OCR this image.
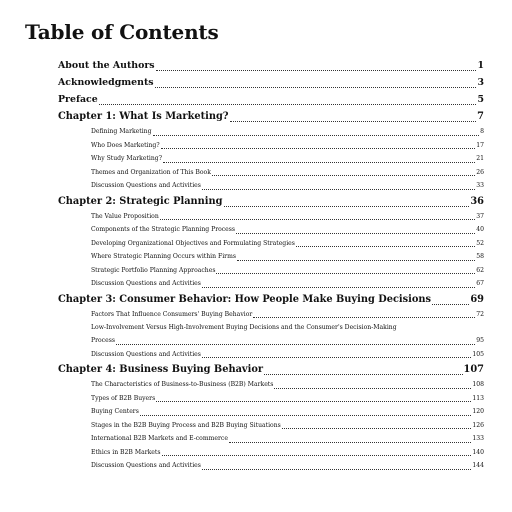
Table of Contents
About the Authors	1
Acknowledgments	3
Preface	5
Chapter 1: What Is Marketing?	7
Defining Marketing	8
Who Does Marketing?	17
Why Study Marketing?	21
Themes and Organization of This Book	26
Discussion Questions and Activities	33
Chapter 2: Strategic Planning	36
The Value Proposition	37
Components of the Strategic Planning Process	40
Developing Organizational Objectives and Formulating Strategies	52
Where Strategic Planning Occurs within Firms	58
Strategic Portfolio Planning Approaches	62
Discussion Questions and Activities	67
Chapter 3: Consumer Behavior: How People Make Buying Decisions	69
Factors That Influence Consumers' Buying Behavior	72
Low-Involvement Versus High-Involvement Buying Decisions and the Consumer's Decision-Making
Process	95
Discussion Questions and Activities	105
Chapter 4: Business Buying Behavior	107
The Characteristics of Business-to-Business (B2B) Markets	108
Types of B2B Buyers	113
Buying Centers	120
Stages in the B2B Buying Process and B2B Buying Situations	126
International B2B Markets and E-commerce	133
Ethics in B2B Markets	140
Discussion Questions and Activities	144
